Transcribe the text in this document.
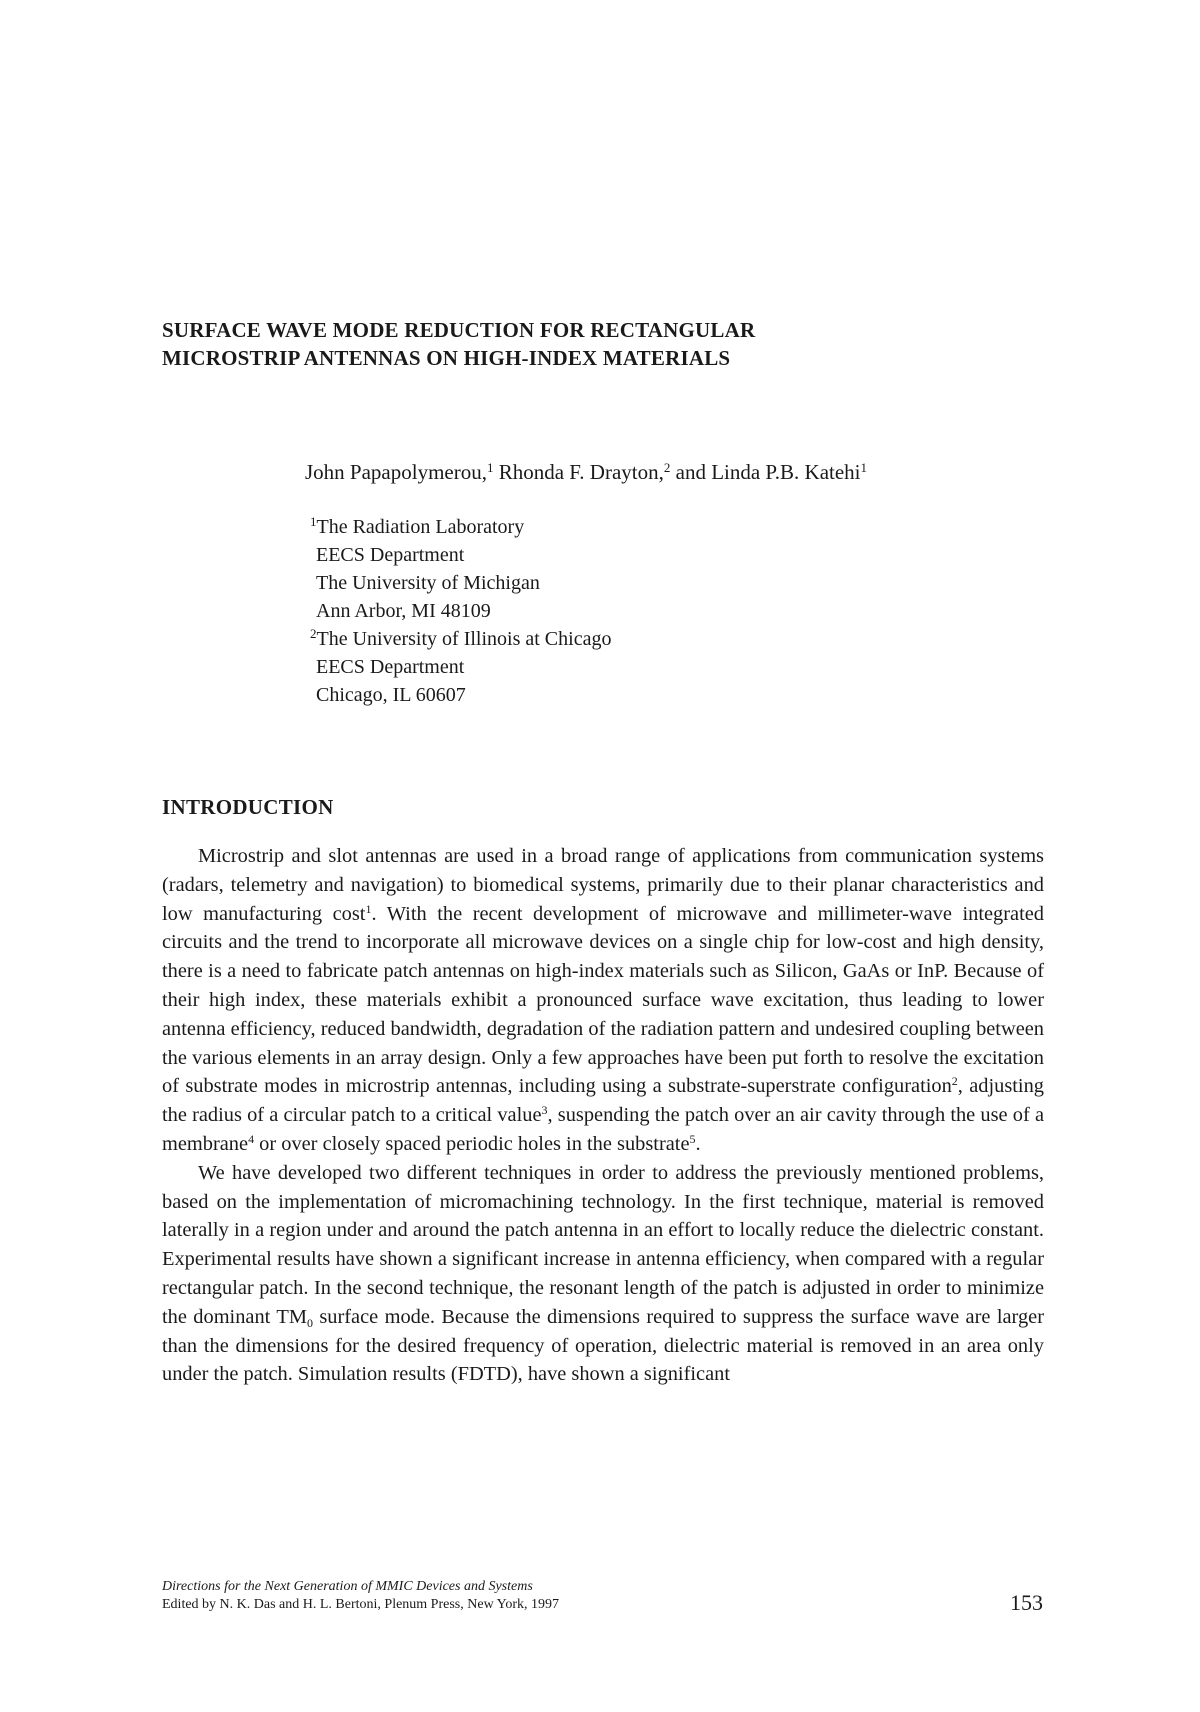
SURFACE WAVE MODE REDUCTION FOR RECTANGULAR
MICROSTRIP ANTENNAS ON HIGH-INDEX MATERIALS
John Papapolymerou,$^1$ Rhonda F. Drayton,$^2$ and Linda P.B. Katehi$^1$
$^1$The Radiation Laboratory
EECS Department
The University of Michigan
Ann Arbor, MI 48109
$^2$The University of Illinois at Chicago
EECS Department
Chicago, IL 60607
INTRODUCTION

Microstrip and slot antennas are used in a broad range of applications from communication systems (radars, telemetry and navigation) to biomedical systems, primarily due to their planar characteristics and low manufacturing cost$^1$. With the recent development of microwave and millimeter-wave integrated circuits and the trend to incorporate all microwave devices on a single chip for low-cost and high density, there is a need to fabricate patch antennas on high-index materials such as Silicon, GaAs or InP. Because of their high index, these materials exhibit a pronounced surface wave excitation, thus leading to lower antenna efficiency, reduced bandwidth, degradation of the radiation pattern and undesired coupling between the various elements in an array design. Only a few approaches have been put forth to resolve the excitation of substrate modes in microstrip antennas, including using a substrate-superstrate configuration$^2$, adjusting the radius of a circular patch to a critical value$^3$, suspending the patch over an air cavity through the use of a membrane$^4$ or over closely spaced periodic holes in the substrate$^5$.

We have developed two different techniques in order to address the previously mentioned problems, based on the implementation of micromachining technology. In the first technique, material is removed laterally in a region under and around the patch antenna in an effort to locally reduce the dielectric constant. Experimental results have shown a significant increase in antenna efficiency, when compared with a regular rectangular patch. In the second technique, the resonant length of the patch is adjusted in order to minimize the dominant $TM_0$ surface mode. Because the dimensions required to suppress the surface wave are larger than the dimensions for the desired frequency of operation, dielectric material is removed in an area only under the patch. Simulation results (FDTD), have shown a significant

Directions for the Next Generation of MMIC Devices and Systems
Edited by N. K. Das and H. L. Bertoni, Plenum Press, New York, 1997	153
